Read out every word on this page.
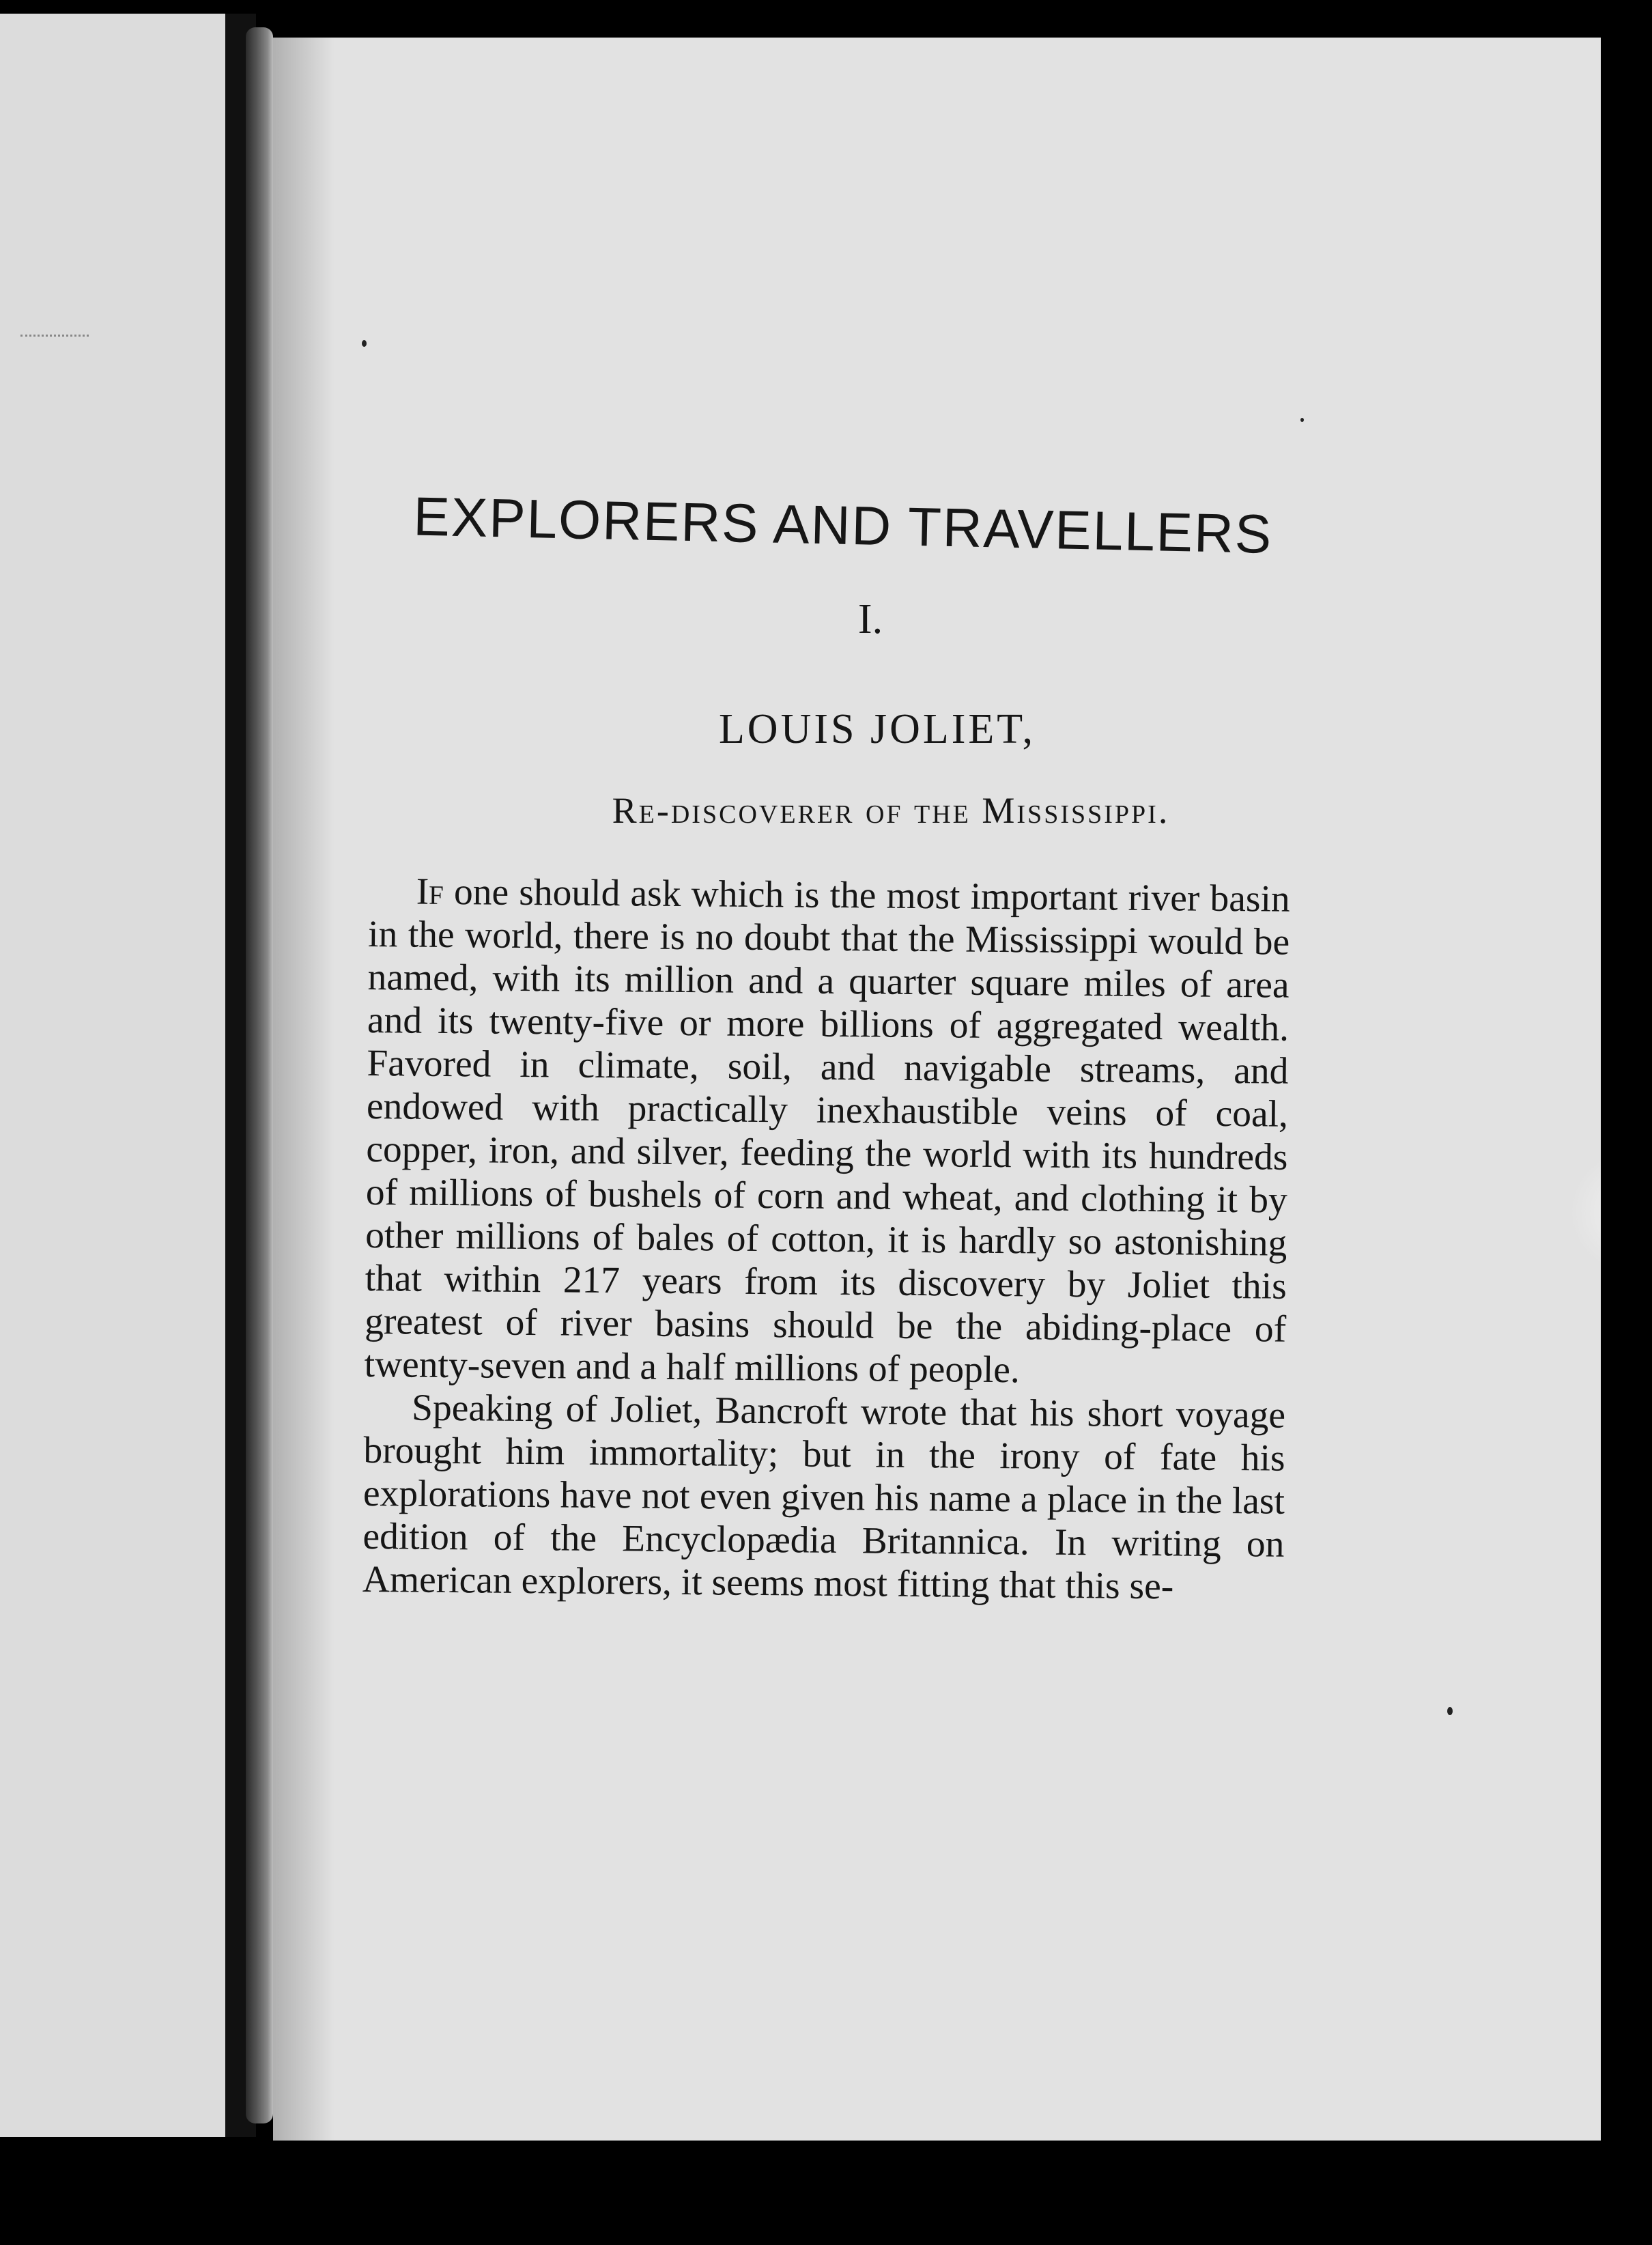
EXPLORERS AND TRAVELLERS
I.
LOUIS JOLIET,
Re-discoverer of the Mississippi.

If one should ask which is the most important river basin in the world, there is no doubt that the Mississippi would be named, with its million and a quarter square miles of area and its twenty-five or more billions of aggregated wealth. Favored in climate, soil, and navigable streams, and endowed with practically inexhaustible veins of coal, copper, iron, and silver, feeding the world with its hundreds of millions of bushels of corn and wheat, and clothing it by other millions of bales of cotton, it is hardly so astonishing that within 217 years from its discovery by Joliet this greatest of river basins should be the abiding-place of twenty-seven and a half millions of people.

Speaking of Joliet, Bancroft wrote that his short voyage brought him immortality; but in the irony of fate his explorations have not even given his name a place in the last edition of the Encyclopædia Britannica. In writing on American explorers, it seems most fitting that this se-
